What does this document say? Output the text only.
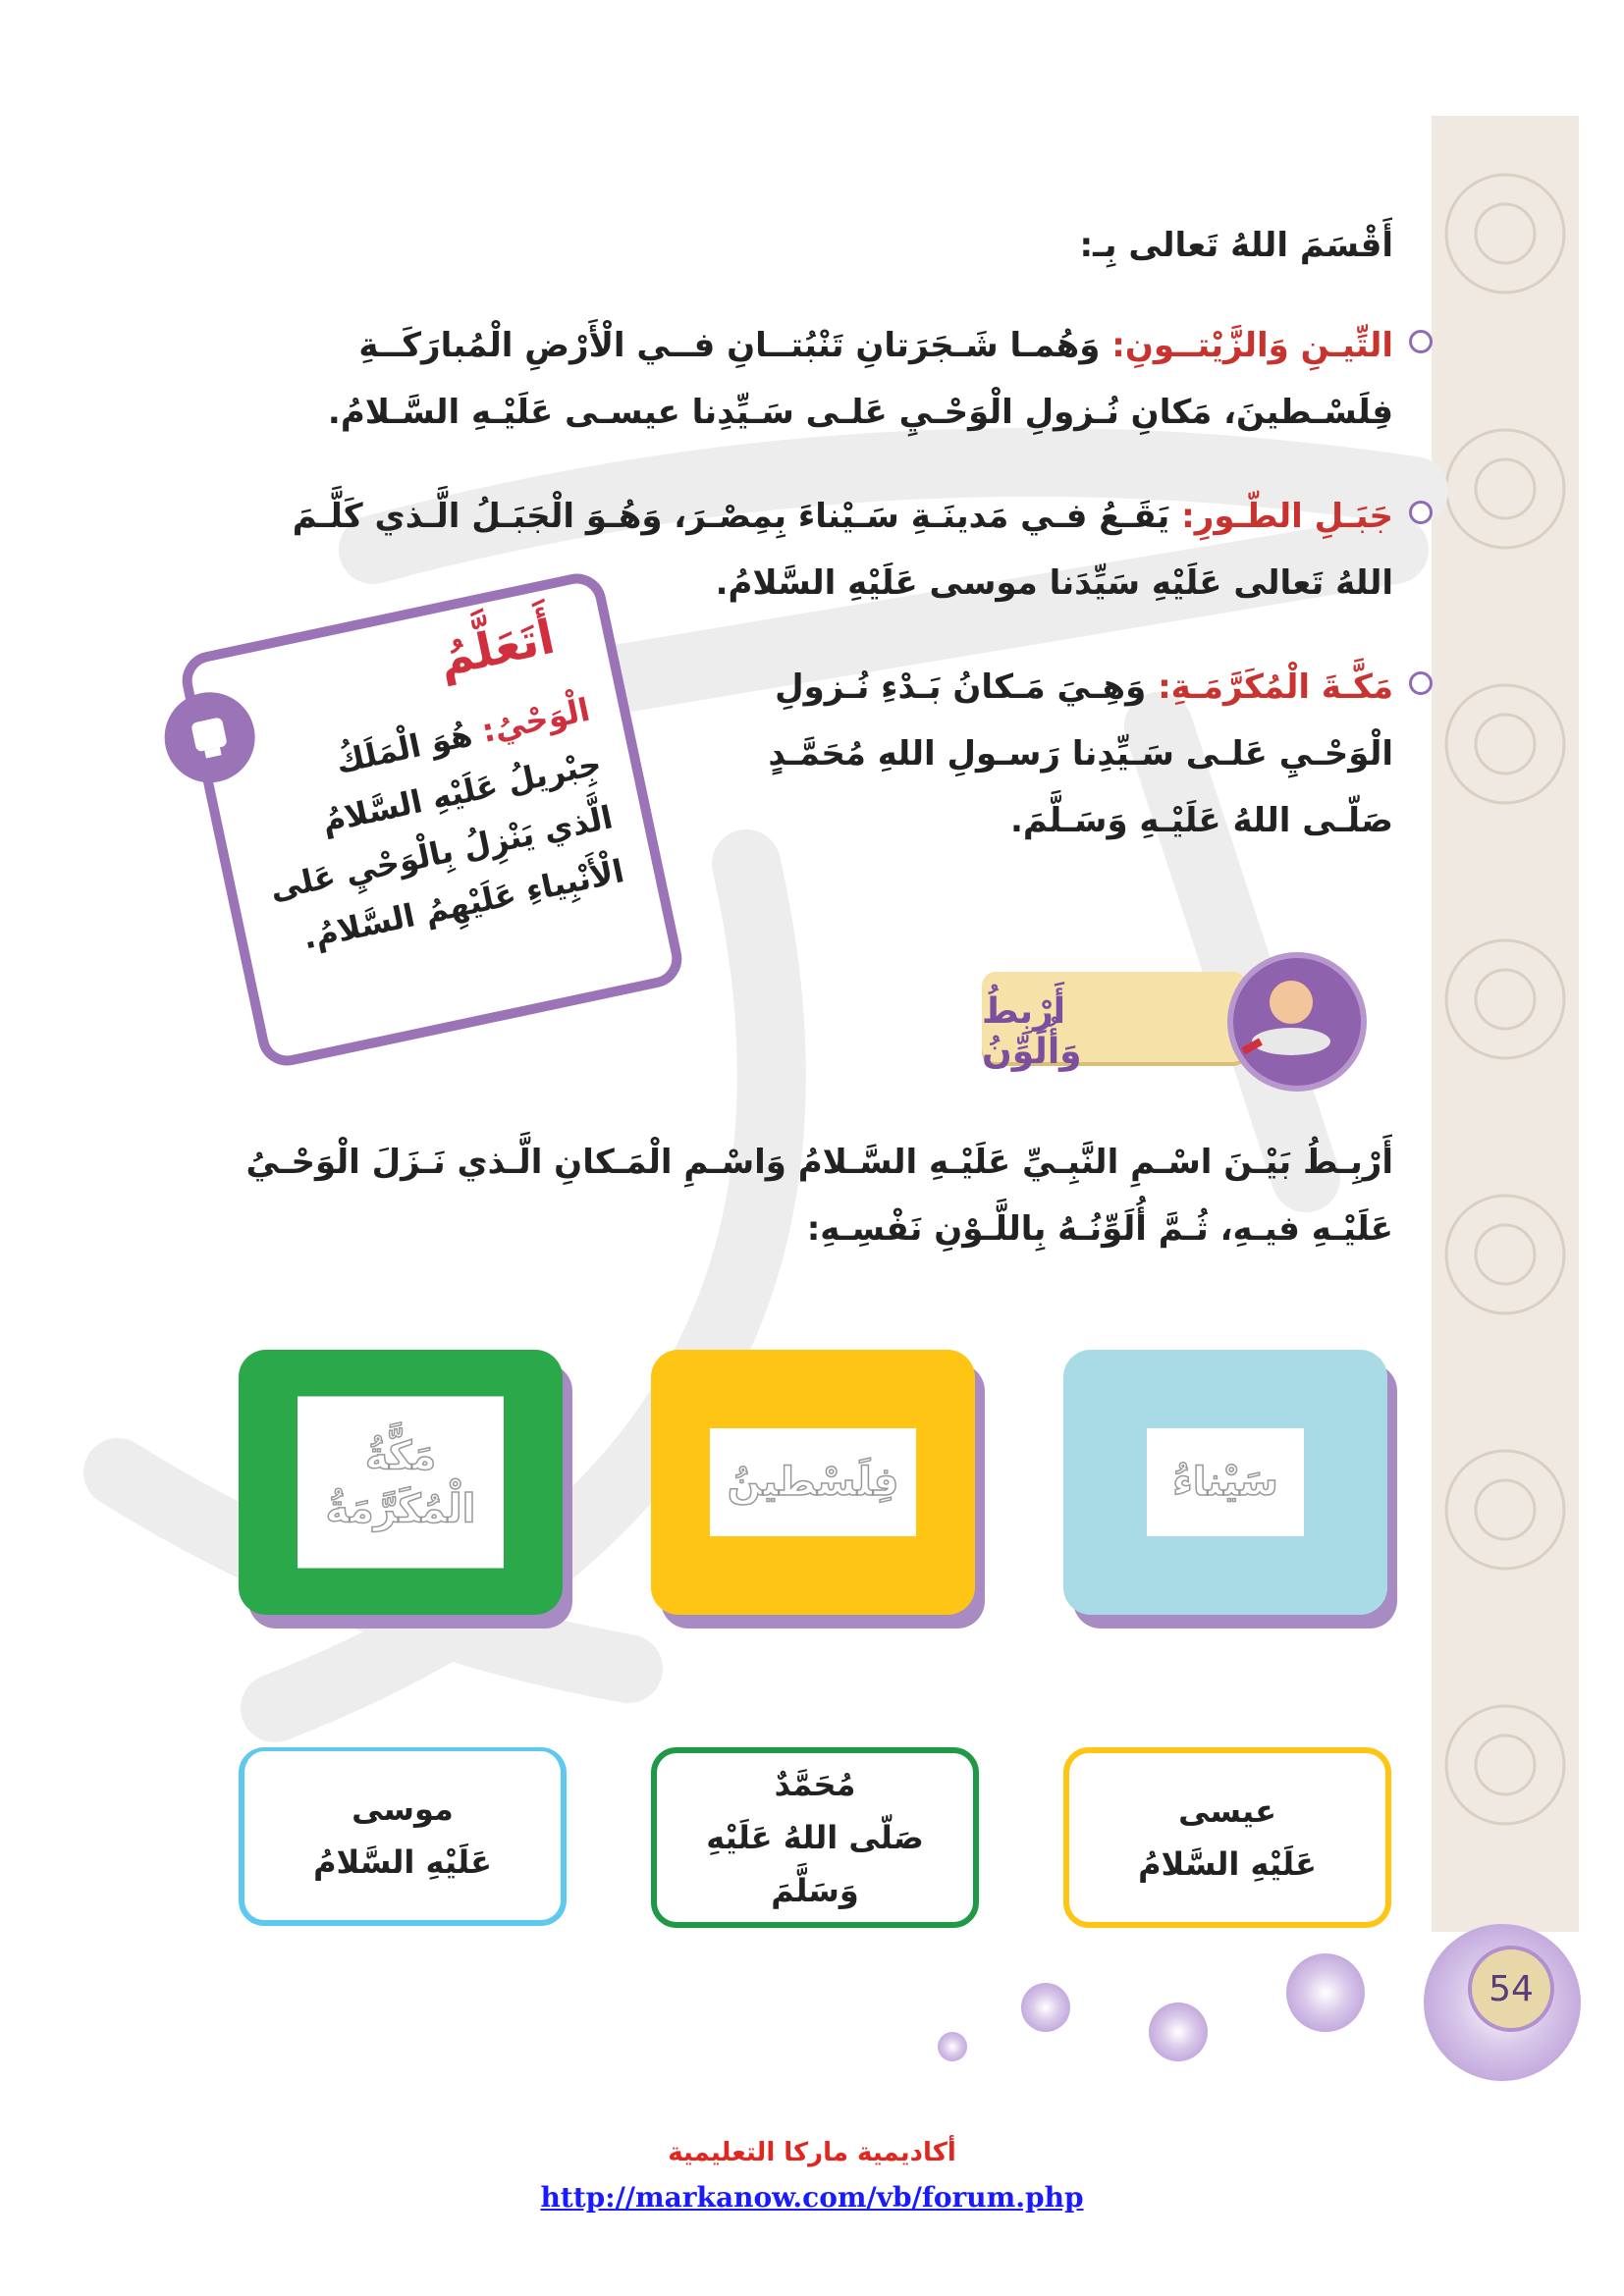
أَقْسَمَ اللهُ تَعالى بِـ:
التِّيـنِ وَالزَّيْتــونِ: وَهُمـا شَـجَرَتانِ تَنْبُتــانِ فــي الْأَرْضِ الْمُبارَكَــةِ
فِلَسْـطينَ، مَكانِ نُـزولِ الْوَحْـيِ عَلـى سَـيِّدِنا عيسـى عَلَيْـهِ السَّـلامُ.
جَبَـلِ الطّـورِ: يَقَـعُ فـي مَدينَـةِ سَـيْناءَ بِمِصْـرَ، وَهُـوَ الْجَبَـلُ الَّـذي كَلَّـمَ
اللهُ تَعالى عَلَيْهِ سَيِّدَنا موسى عَلَيْهِ السَّلامُ.
مَكَّـةَ الْمُكَرَّمَـةِ: وَهِـيَ مَـكانُ بَـدْءِ نُـزولِ
الْوَحْـيِ عَلـى سَـيِّدِنا رَسـولِ اللهِ مُحَمَّـدٍ
صَلّـى اللهُ عَلَيْـهِ وَسَـلَّمَ.
أَتَعَلَّمُ
الْوَحْيُ: هُوَ الْمَلَكُ جِبْريلُ عَلَيْهِ السَّلامُ الَّذي يَنْزِلُ بِالْوَحْيِ عَلى الْأَنْبِياءِ عَلَيْهِمُ السَّلامُ.
أَرْبِطُ وَأُلَوِّنُ
أَرْبِـطُ بَيْـنَ اسْـمِ النَّبِـيِّ عَلَيْـهِ السَّـلامُ وَاسْـمِ الْمَـكانِ الَّـذي نَـزَلَ الْوَحْـيُ
عَلَيْـهِ فيـهِ، ثُـمَّ أُلَوِّنُـهُ بِاللَّـوْنِ نَفْسِـهِ:
مَكَّةُ
الْمُكَرَّمَةُ
فِلَسْطينُ	سَيْناءُ
موسى
عَلَيْهِ السَّلامُ
مُحَمَّدٌ
صَلّى اللهُ عَلَيْهِ وَسَلَّمَ
عيسى
عَلَيْهِ السَّلامُ
54
أكاديمية ماركا التعليمية
http://markanow.com/vb/forum.php
